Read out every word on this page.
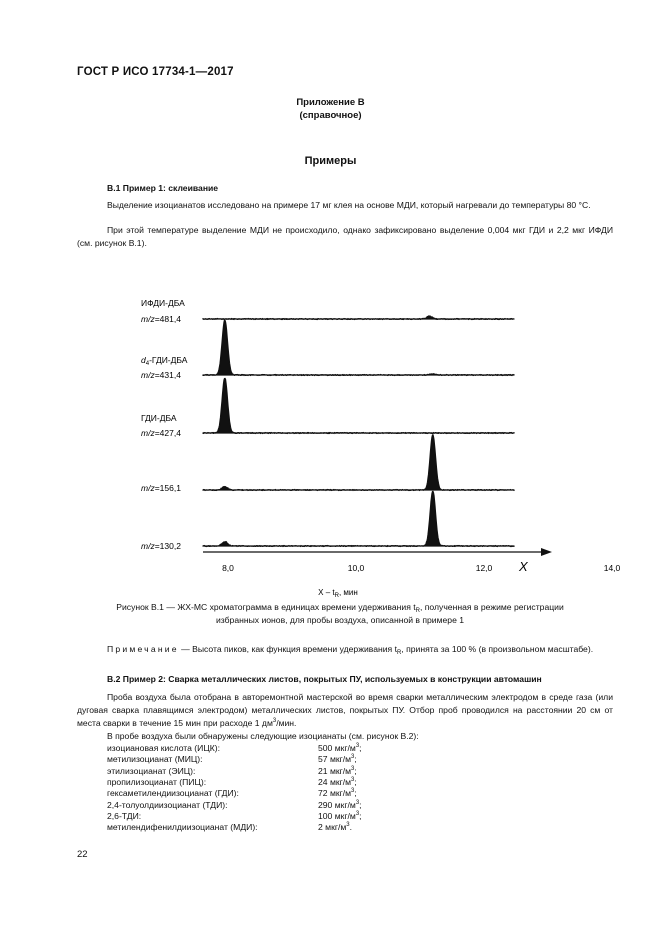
ГОСТ Р ИСО 17734-1—2017
Приложение В
(справочное)
Примеры
В.1 Пример 1: склеивание
Выделение изоцианатов исследовано на примере 17 мг клея на основе МДИ, который нагревали до температуры 80 °С.
При этой температуре выделение МДИ не происходило, однако зафиксировано выделение 0,004 мкг ГДИ и 2,2 мкг ИФДИ (см. рисунок В.1).
8,0	10,0	12,0	14,0
X
X – $t_R$, мин
ИФДИ-ДБА
m/z=481,4
$d_4-ГДИ$-ДБА
m/z=431,4
ГДИ-ДБА
m/z=427,4
m/z=156,1
m/z=130,2
Рисунок В.1 — ЖХ-МС хроматограмма в единицах времени удерживания $t_R$, полученная в режиме регистрации
избранных ионов, для пробы воздуха, описанной в примере 1
Примечание — Высота пиков, как функция времени удерживания $t_R$, принята за 100 % (в произвольном масштабе).
В.2 Пример 2: Сварка металлических листов, покрытых ПУ, используемых в конструкции автомашин
Проба воздуха была отобрана в авторемонтной мастерской во время сварки металлическим электродом в среде газа (или дуговая сварка плавящимся электродом) металлических листов, покрытых ПУ. Отбор проб проводился на расстоянии 20 см от места сварки в течение 15 мин при расходе 1 $дм^3$/мин.
В пробе воздуха были обнаружены следующие изоцианаты (см. рисунок В.2):
изоциановая кислота (ИЦК):	500 мкг/$м^3$;
метилизоцианат (МИЦ):	57 мкг/$м^3$;
этилизоцианат (ЭИЦ):	21 мкг/$м^3$;
пропилизоцианат (ПИЦ):	24 мкг/$м^3$;
гексаметилендиизоцианат (ГДИ):	72 мкг/$м^3$;
2,4-толуолдиизоцианат (ТДИ):	290 мкг/$м^3$;
2,6-ТДИ:	100 мкг/$м^3$;
метилендифенилдиизоцианат (МДИ):	2 мкг/$м^3$.
22
